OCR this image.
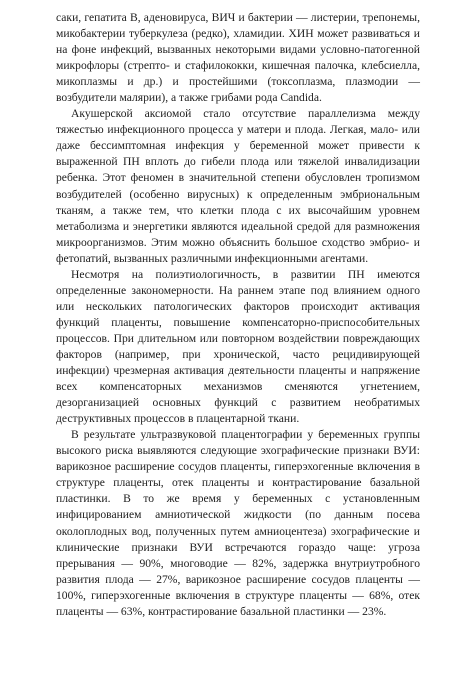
саки, гепатита B, аденовируса, ВИЧ и бактерии — листерии, трепонемы, микобактерии туберкулеза (редко), хламидии. ХИН может развиваться и на фоне инфекций, вызванных некоторыми видами условно-патогенной микрофлоры (стрепто- и стафилококки, кишечная палочка, клебсиелла, микоплазмы и др.) и простейшими (токсоплазма, плазмодии — возбудители малярии), а также грибами рода Candida.

Акушерской аксиомой стало отсутствие параллелизма между тяжестью инфекционного процесса у матери и плода. Легкая, мало- или даже бессимптомная инфекция у беременной может привести к выраженной ПН вплоть до гибели плода или тяжелой инвалидизации ребенка. Этот феномен в значительной степени обусловлен тропизмом возбудителей (особенно вирусных) к определенным эмбриональным тканям, а также тем, что клетки плода с их высочайшим уровнем метаболизма и энергетики являются идеальной средой для размножения микроорганизмов. Этим можно объяснить большое сходство эмбрио- и фетопатий, вызванных различными инфекционными агентами.

Несмотря на полиэтиологичность, в развитии ПН имеются определенные закономерности. На раннем этапе под влиянием одного или нескольких патологических факторов происходит активация функций плаценты, повышение компенсаторно-приспособительных процессов. При длительном или повторном воздействии повреждающих факторов (например, при хронической, часто рецидивирующей инфекции) чрезмерная активация деятельности плаценты и напряжение всех компенсаторных механизмов сменяются угнетением, дезорганизацией основных функций с развитием необратимых деструктивных процессов в плацентарной ткани.

В результате ультразвуковой плацентографии у беременных группы высокого риска выявляются следующие эхографические признаки ВУИ: варикозное расширение сосудов плаценты, гиперэхогенные включения в структуре плаценты, отек плаценты и контрастирование базальной пластинки. В то же время у беременных с установленным инфицированием амниотической жидкости (по данным посева околоплодных вод, полученных путем амниоцентеза) эхографические и клинические признаки ВУИ встречаются гораздо чаще: угроза прерывания — 90%, многоводие — 82%, задержка внутриутробного развития плода — 27%, варикозное расширение сосудов плаценты — 100%, гиперэхогенные включения в структуре плаценты — 68%, отек плаценты — 63%, контрастирование базальной пластинки — 23%.
